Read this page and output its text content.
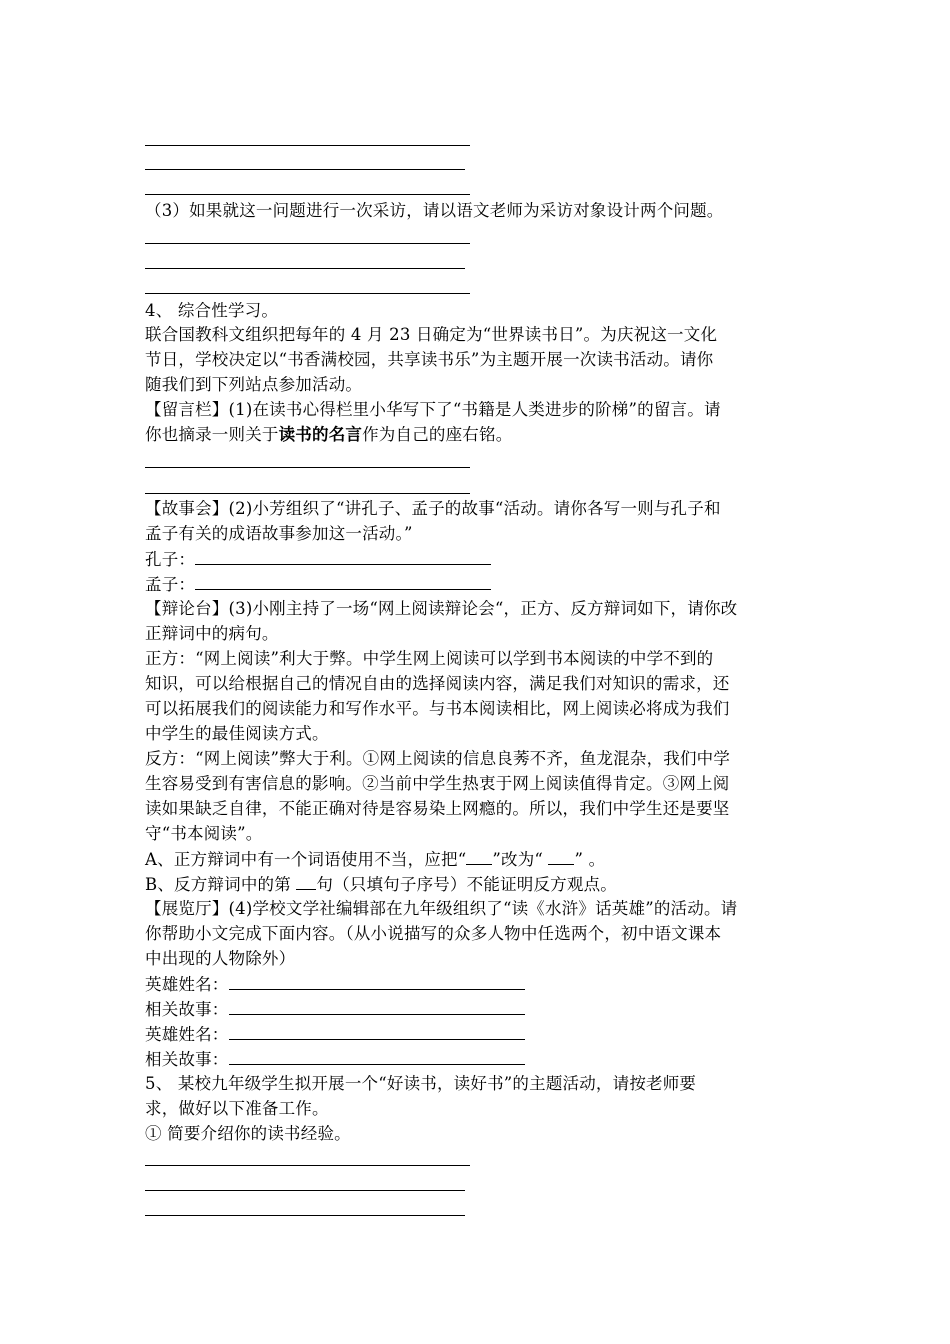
（3）如果就这一问题进行一次采访，请以语文老师为采访对象设计两个问题。
4、 综合性学习。
联合国教科文组织把每年的 4 月 23 日确定为“世界读书日”。为庆祝这一文化
节日，学校决定以“书香满校园，共享读书乐”为主题开展一次读书活动。请你
随我们到下列站点参加活动。
【留言栏】(1)在读书心得栏里小华写下了“书籍是人类进步的阶梯”的留言。请
你也摘录一则关于读书的名言作为自己的座右铭。
【故事会】(2)小芳组织了“讲孔子、孟子的故事“活动。请你各写一则与孔子和
孟子有关的成语故事参加这一活动。”
孔子：
孟子：
【辩论台】(3)小刚主持了一场“网上阅读辩论会“，正方、反方辩词如下，请你改
正辩词中的病句。
正方：“网上阅读”利大于弊。中学生网上阅读可以学到书本阅读的中学不到的
知识，可以给根据自己的情况自由的选择阅读内容，满足我们对知识的需求，还
可以拓展我们的阅读能力和写作水平。与书本阅读相比，网上阅读必将成为我们
中学生的最佳阅读方式。
反方：“网上阅读”弊大于利。①网上阅读的信息良莠不齐，鱼龙混杂，我们中学
生容易受到有害信息的影响。②当前中学生热衷于网上阅读值得肯定。③网上阅
读如果缺乏自律，不能正确对待是容易染上网瘾的。所以，我们中学生还是要坚
守“书本阅读”。
A、正方辩词中有一个词语使用不当，应把“ ”改为“ ” 。
B、反方辩词中的第 句（只填句子序号）不能证明反方观点。
【展览厅】(4)学校文学社编辑部在九年级组织了“读《水浒》话英雄”的活动。请
你帮助小文完成下面内容。（从小说描写的众多人物中任选两个，初中语文课本
中出现的人物除外）
英雄姓名：
相关故事：
英雄姓名：
相关故事：
5、 某校九年级学生拟开展一个“好读书，读好书”的主题活动，请按老师要
求，做好以下准备工作。
① 简要介绍你的读书经验。
